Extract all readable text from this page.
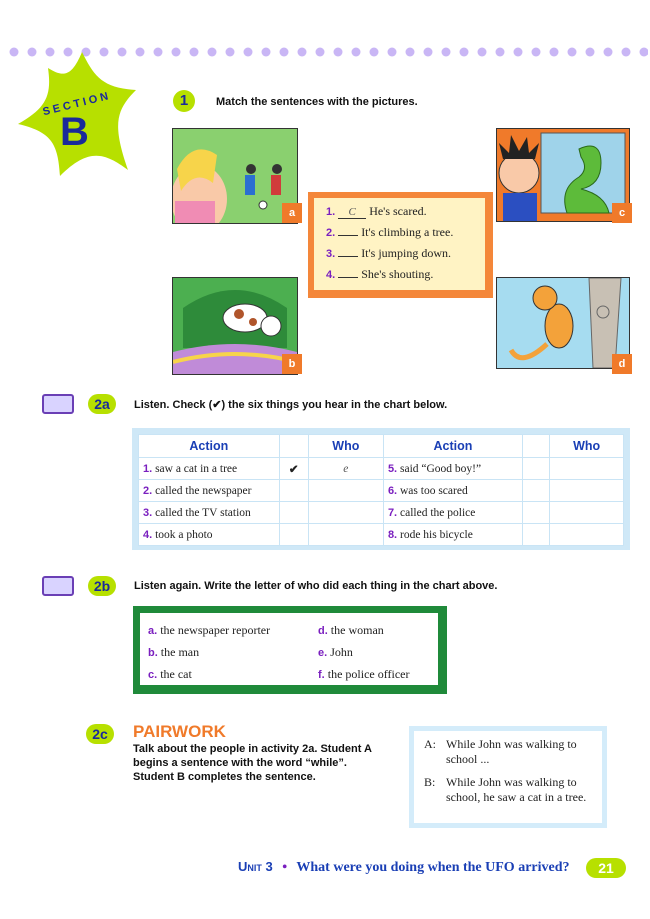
SECTION
B
1	Match the sentences with the pictures.
a
b
1. C He's scared.
2. It's climbing a tree.
3. It's jumping down.
4. She's shouting.
c
d
2a	Listen. Check (✔) the six things you hear in the chart below.
Action		Who	Action		Who
1. saw a cat in a tree	✔	e	5. said “Good boy!”		
2. called the newspaper			6. was too scared		
3. called the TV station			7. called the police		
4. took a photo			8. rode his bicycle		
2b	Listen again. Write the letter of who did each thing in the chart above.
a. the newspaper reporter
b. the man
c. the cat
d. the woman
e. John
f. the police officer
2c	PAIRWORK
Talk about the people in activity 2a. Student A begins a sentence with the word “while”. Student B completes the sentence.
A: While John was walking to school ...
B: While John was walking to school, he saw a cat in a tree.
Unit 3 • What were you doing when the UFO arrived?	21
